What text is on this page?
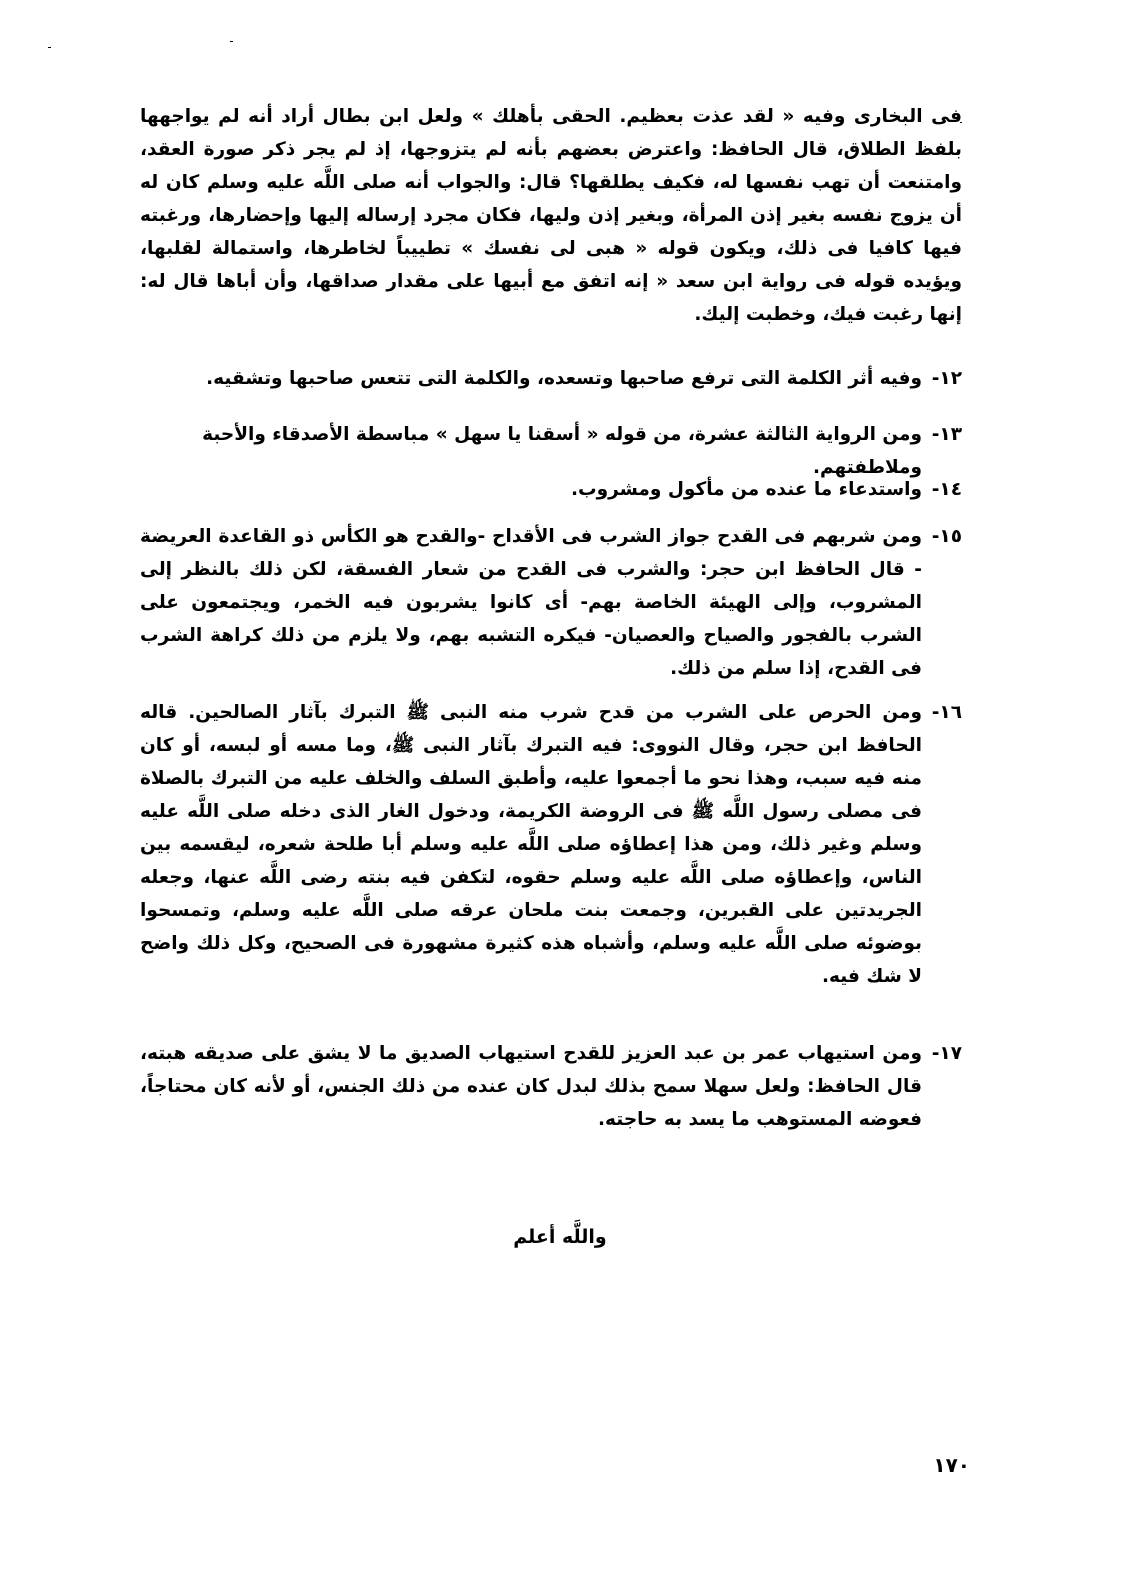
فى البخارى وفيه « لقد عذت بعظيم. الحقى بأهلك » ولعل ابن بطال أراد أنه لم يواجهها بلفظ الطلاق، قال الحافظ: واعترض بعضهم بأنه لم يتزوجها، إذ لم يجر ذكر صورة العقد، وامتنعت أن تهب نفسها له، فكيف يطلقها؟ قال: والجواب أنه صلى اللَّه عليه وسلم كان له أن يزوج نفسه بغير إذن المرأة، وبغير إذن وليها، فكان مجرد إرساله إليها وإحضارها، ورغبته فيها كافيا فى ذلك، ويكون قوله « هبى لى نفسك » تطييباً لخاطرها، واستمالة لقلبها، ويؤيده قوله فى رواية ابن سعد « إنه اتفق مع أبيها على مقدار صداقها، وأن أباها قال له: إنها رغبت فيك، وخطبت إليك.
١٢-
وفيه أثر الكلمة التى ترفع صاحبها وتسعده، والكلمة التى تتعس صاحبها وتشقيه.
١٣-
ومن الرواية الثالثة عشرة، من قوله « أسقنا يا سهل » مباسطة الأصدقاء والأحبة وملاطفتهم.
١٤-
واستدعاء ما عنده من مأكول ومشروب.
١٥-
ومن شربهم فى القدح جواز الشرب فى الأقداح -والقدح هو الكأس ذو القاعدة العريضة - قال الحافظ ابن حجر: والشرب فى القدح من شعار الفسقة، لكن ذلك بالنظر إلى المشروب، وإلى الهيئة الخاصة بهم- أى كانوا يشربون فيه الخمر، ويجتمعون على الشرب بالفجور والصياح والعصيان- فيكره التشبه بهم، ولا يلزم من ذلك كراهة الشرب فى القدح، إذا سلم من ذلك.
١٦-
ومن الحرص على الشرب من قدح شرب منه النبى ﷺ التبرك بآثار الصالحين. قاله الحافظ ابن حجر، وقال النووى: فيه التبرك بآثار النبى ﷺ، وما مسه أو لبسه، أو كان منه فيه سبب، وهذا نحو ما أجمعوا عليه، وأطبق السلف والخلف عليه من التبرك بالصلاة فى مصلى رسول اللَّه ﷺ فى الروضة الكريمة، ودخول الغار الذى دخله صلى اللَّه عليه وسلم وغير ذلك، ومن هذا إعطاؤه صلى اللَّه عليه وسلم أبا طلحة شعره، ليقسمه بين الناس، وإعطاؤه صلى اللَّه عليه وسلم حقوه، لتكفن فيه بنته رضى اللَّه عنها، وجعله الجريدتين على القبرين، وجمعت بنت ملحان عرقه صلى اللَّه عليه وسلم، وتمسحوا بوضوئه صلى اللَّه عليه وسلم، وأشباه هذه كثيرة مشهورة فى الصحيح، وكل ذلك واضح لا شك فيه.
١٧-
ومن استيهاب عمر بن عبد العزيز للقدح استيهاب الصديق ما لا يشق على صديقه هبته، قال الحافظ: ولعل سهلا سمح بذلك لبدل كان عنده من ذلك الجنس، أو لأنه كان محتاجاً، فعوضه المستوهب ما يسد به حاجته.
واللَّه أعلم
١٧٠
